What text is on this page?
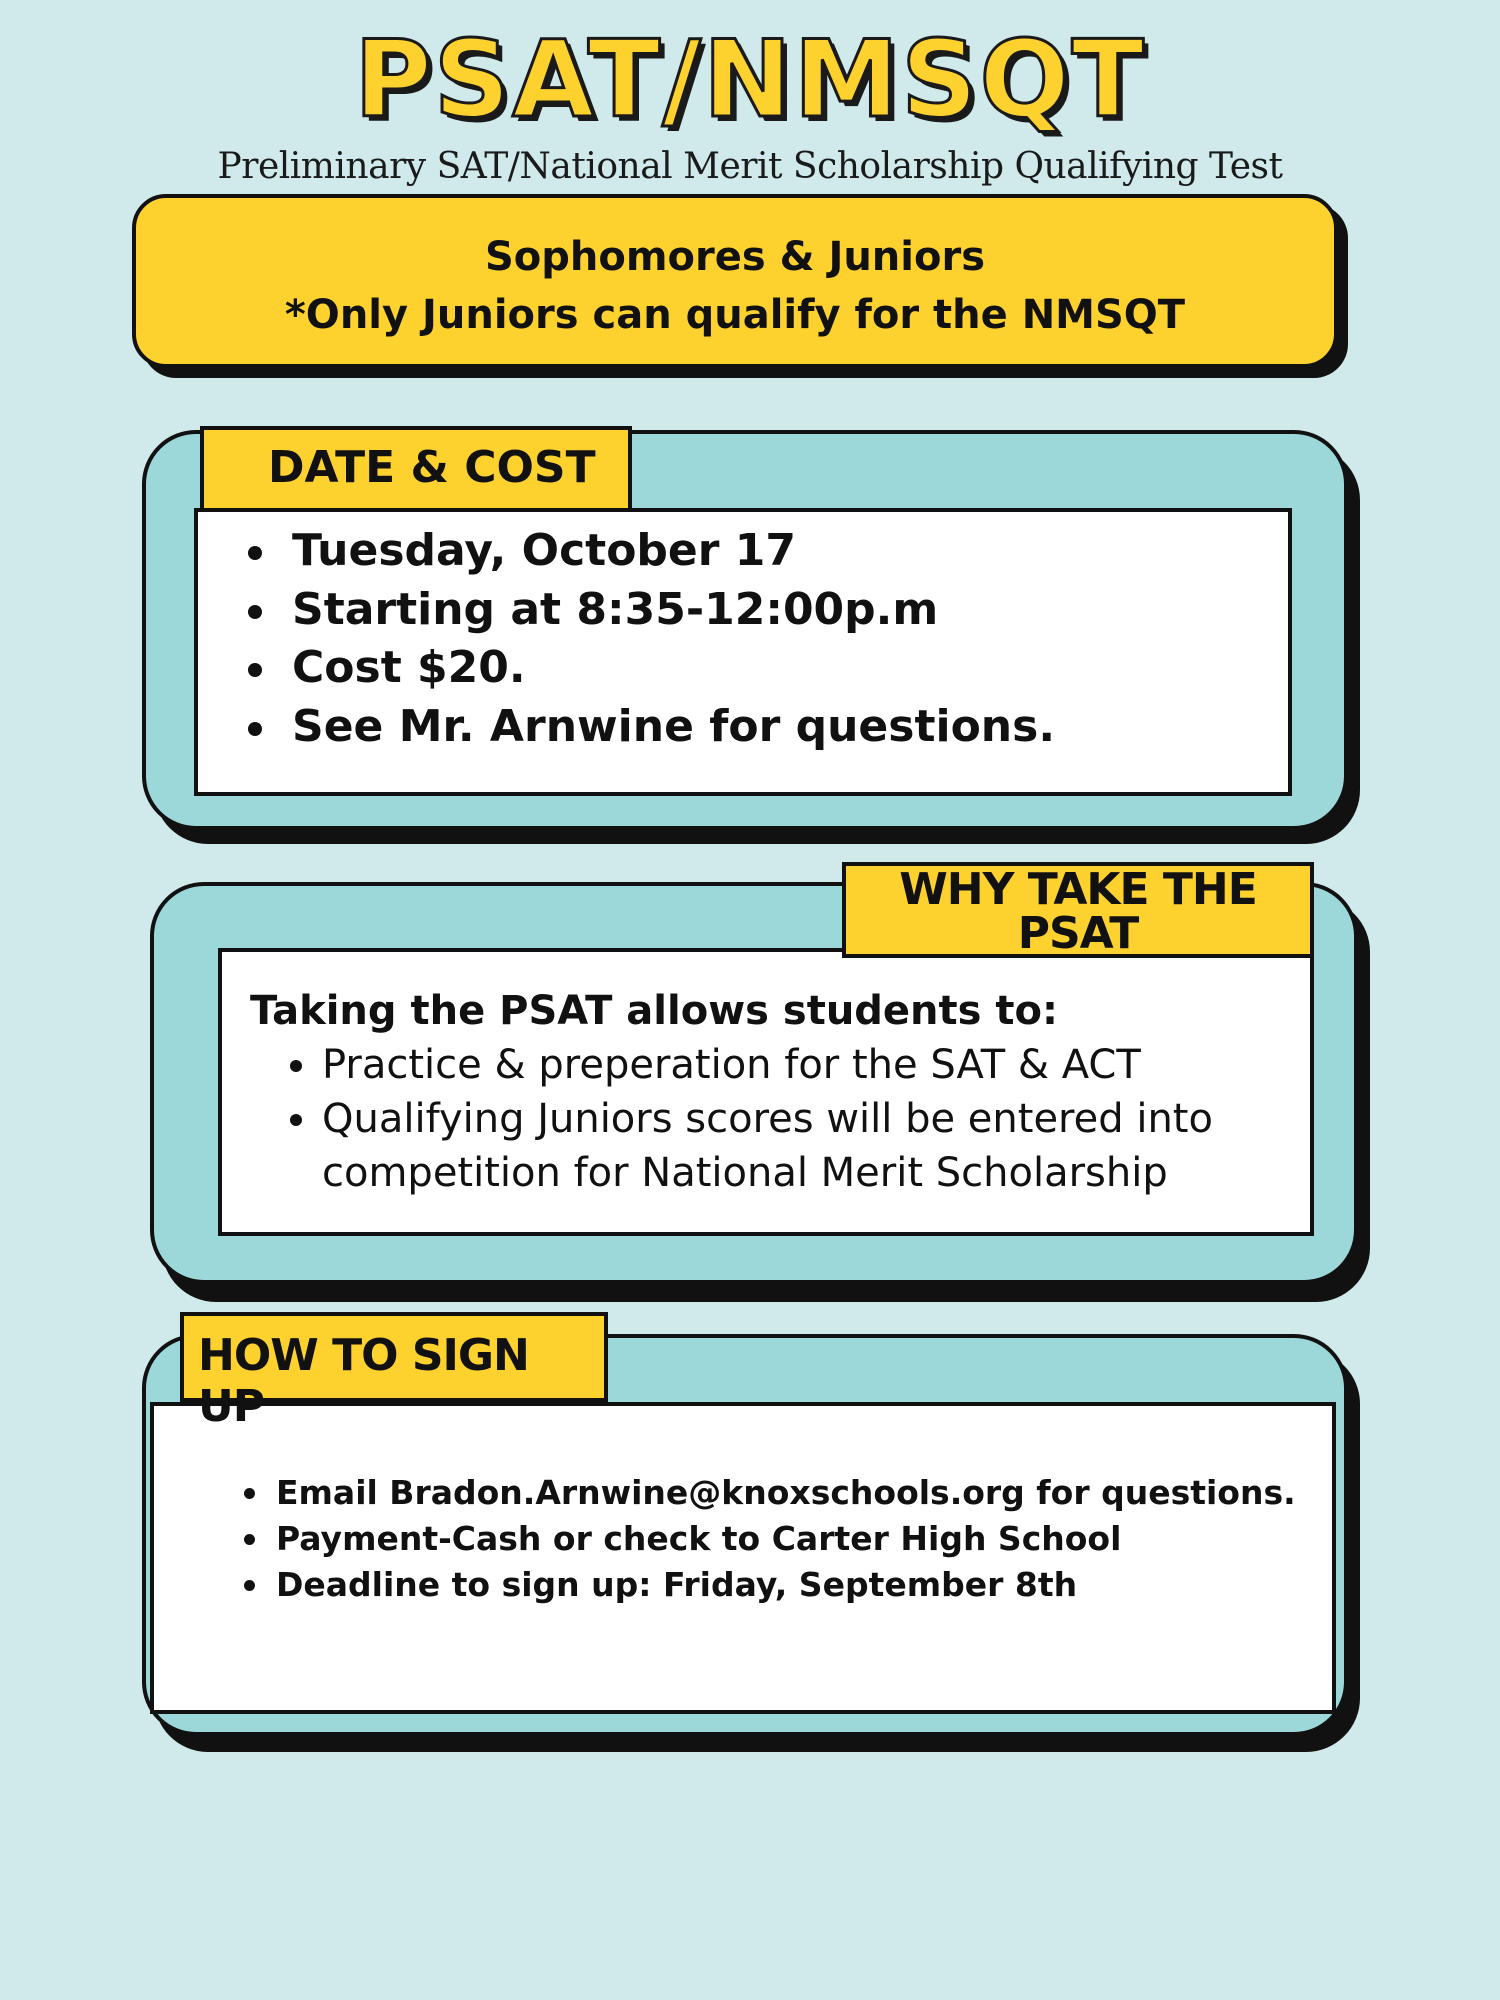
PSAT/NMSQT
Preliminary SAT/National Merit Scholarship Qualifying Test
Sophomores & Juniors
*Only Juniors can qualify for the NMSQT
Tuesday, October 17
Starting at 8:35-12:00p.m
Cost $20.
See Mr. Arnwine for questions.
DATE & COST
Taking the PSAT allows students to:
Practice & preperation for the SAT & ACT
Qualifying Juniors scores will be entered into competition for National Merit Scholarship
WHY TAKE THE
PSAT
Email Bradon.Arnwine@knoxschools.org for questions.
Payment-Cash or check to Carter High School
Deadline to sign up: Friday, September 8th
HOW TO SIGN UP
